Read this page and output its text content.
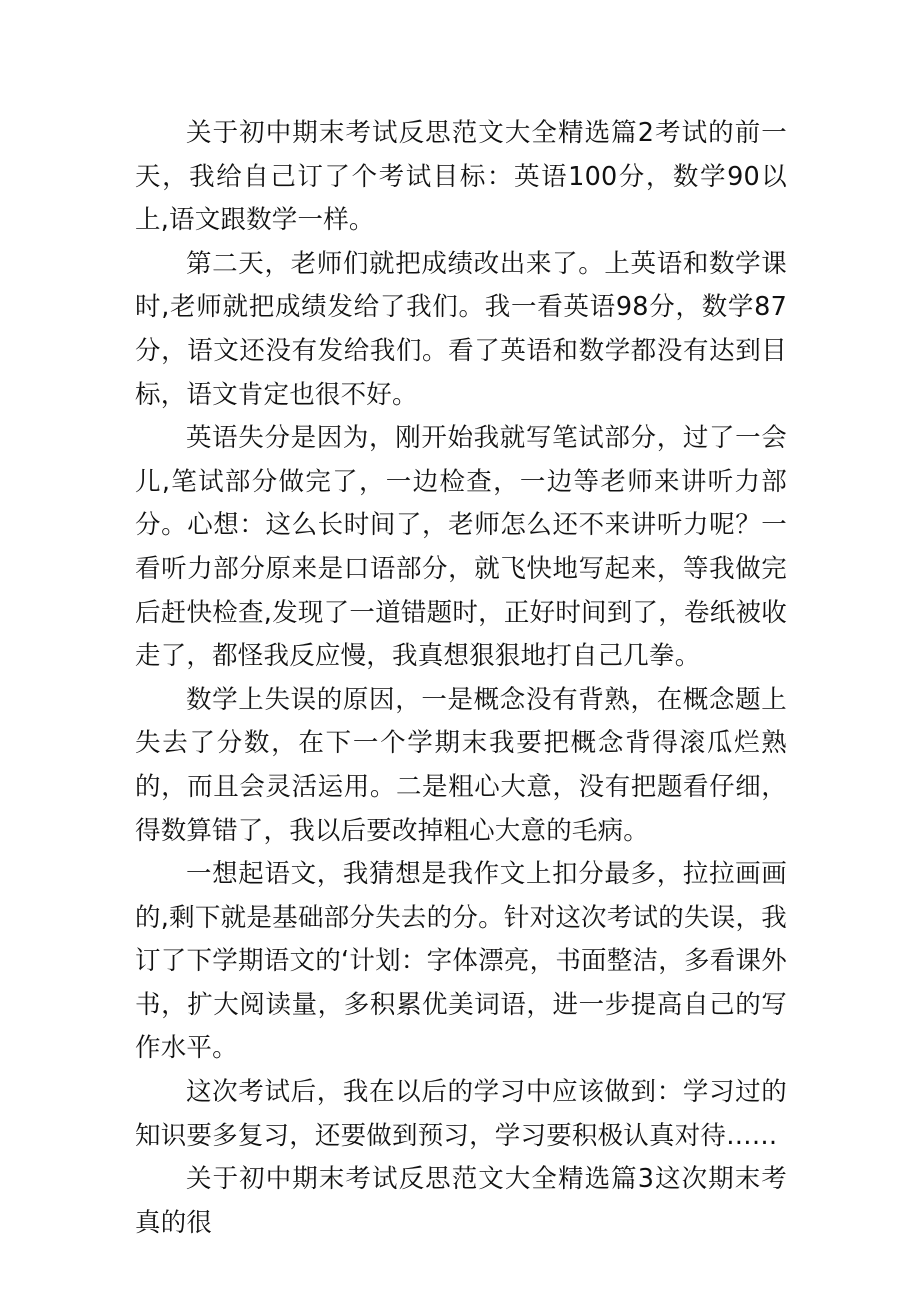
关于初中期末考试反思范文大全精选篇2考试的前一天，我给自己订了个考试目标：英语100分，数学90以上,语文跟数学一样。

第二天，老师们就把成绩改出来了。上英语和数学课时,老师就把成绩发给了我们。我一看英语98分，数学87分，语文还没有发给我们。看了英语和数学都没有达到目标，语文肯定也很不好。

英语失分是因为，刚开始我就写笔试部分，过了一会儿,笔试部分做完了，一边检查，一边等老师来讲听力部分。心想：这么长时间了，老师怎么还不来讲听力呢？一看听力部分原来是口语部分，就飞快地写起来，等我做完后赶快检查,发现了一道错题时，正好时间到了，卷纸被收走了，都怪我反应慢，我真想狠狠地打自己几拳。

数学上失误的原因，一是概念没有背熟，在概念题上失去了分数，在下一个学期末我要把概念背得滚瓜烂熟的，而且会灵活运用。二是粗心大意，没有把题看仔细，得数算错了，我以后要改掉粗心大意的毛病。

一想起语文，我猜想是我作文上扣分最多，拉拉画画的,剩下就是基础部分失去的分。针对这次考试的失误，我订了下学期语文的‘计划：字体漂亮，书面整洁，多看课外书，扩大阅读量，多积累优美词语，进一步提高自己的写作水平。

这次考试后，我在以后的学习中应该做到：学习过的知识要多复习，还要做到预习，学习要积极认真对待……

关于初中期末考试反思范文大全精选篇3这次期末考真的很
